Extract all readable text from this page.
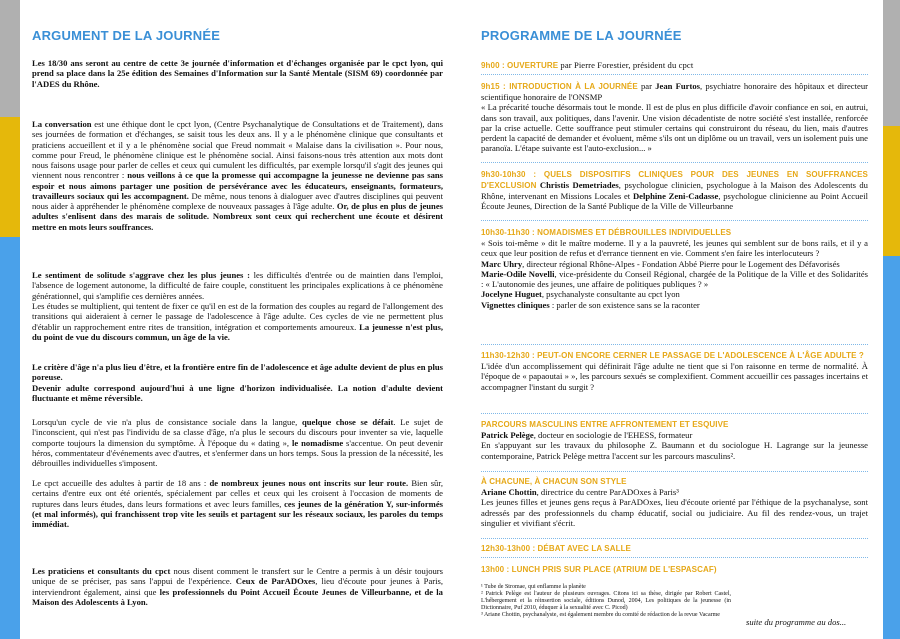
ARGUMENT DE LA JOURNÉE

Les 18/30 ans seront au centre de cette 3e journée d'information et d'échanges organisée par le cpct lyon, qui prend sa place dans la 25e édition des Semaines d'Information sur la Santé Mentale (SISM 69) coordonnée par l'ADES du Rhône.

La conversation est une éthique dont le cpct lyon, (Centre Psychanalytique de Consultations et de Traitement), dans ses journées de formation et d'échanges, se saisit tous les deux ans. Il y a le phénomène clinique que consultants et praticiens accueillent et il y a le phénomène social que Freud nommait « Malaise dans la civilisation ». Pour nous, comme pour Freud, le phénomène clinique est le phénomène social. Ainsi faisons-nous très attention aux mots dont nous faisons usage pour parler de celles et ceux qui cumulent les difficultés, par exemple lorsqu'il s'agit des jeunes qui viennent nous rencontrer : nous veillons à ce que la promesse qui accompagne la jeunesse ne devienne pas sans espoir et nous aimons partager une position de persévérance avec les éducateurs, enseignants, formateurs, travailleurs sociaux qui les accompagnent. De même, nous tenons à dialoguer avec d'autres disciplines qui peuvent nous aider à appréhender le phénomène complexe de nouveaux passages à l'âge adulte. Or, de plus en plus de jeunes adultes s'enlisent dans des marais de solitude. Nombreux sont ceux qui recherchent une écoute et désirent mettre en mots leurs souffrances.

Le sentiment de solitude s'aggrave chez les plus jeunes : les difficultés d'entrée ou de maintien dans l'emploi, l'absence de logement autonome, la difficulté de faire couple, constituent les principales explications à ce phénomène générationnel, qui s'amplifie ces dernières années.

Les études se multiplient, qui tentent de fixer ce qu'il en est de la formation des couples au regard de l'allongement des transitions qui aideraient à cerner le passage de l'adolescence à l'âge adulte. Ces cycles de vie ne permettent plus d'établir un rapprochement entre rites de transition, intégration et comportements amoureux. La jeunesse n'est plus, du point de vue du discours commun, un âge de la vie.

Le critère d'âge n'a plus lieu d'être, et la frontière entre fin de l'adolescence et âge adulte devient de plus en plus poreuse.

Devenir adulte correspond aujourd'hui à une ligne d'horizon individualisée. La notion d'adulte devient fluctuante et même réversible.

Lorsqu'un cycle de vie n'a plus de consistance sociale dans la langue, quelque chose se défait. Le sujet de l'inconscient, qui n'est pas l'individu de sa classe d'âge, n'a plus le secours du discours pour inventer sa vie, laquelle comporte toujours la dimension du symptôme. À l'époque du « dating », le nomadisme s'accentue. On peut devenir héros, commentateur d'événements avec d'autres, et s'enfermer dans un hors temps. Sous la pression de la nécessité, les débrouilles individuelles s'imposent.

Le cpct accueille des adultes à partir de 18 ans : de nombreux jeunes nous ont inscrits sur leur route. Bien sûr, certains d'entre eux ont été orientés, spécialement par celles et ceux qui les croisent à l'occasion de moments de ruptures dans leurs études, dans leurs formations et avec leurs familles, ces jeunes de la génération Y, sur-informés (et mal informés), qui franchissent trop vite les seuils et partagent sur les réseaux sociaux, les paroles du temps immédiat.

Les praticiens et consultants du cpct nous disent comment le transfert sur le Centre a permis à un désir toujours unique de se préciser, pas sans l'appui de l'expérience. Ceux de ParADOxes, lieu d'écoute pour jeunes à Paris, interviendront également, ainsi que les professionnels du Point Accueil Écoute Jeunes de Villeurbanne, et de la Maison des Adolescents à Lyon.

PROGRAMME DE LA JOURNÉE
9h00 : OUVERTURE par Pierre Forestier, président du cpct

9h15 : INTRODUCTION À LA JOURNÉE par Jean Furtos, psychiatre honoraire des hôpitaux et directeur scientifique honoraire de l'ONSMP

« La précarité touche désormais tout le monde. Il est de plus en plus difficile d'avoir confiance en soi, en autrui, dans son travail, aux politiques, dans l'avenir. Une vision décadentiste de notre société s'est installée, renforcée par la crise actuelle. Cette souffrance peut stimuler certains qui construiront du réseau, du lien, mais d'autres perdent la capacité de demander et évoluent, même s'ils ont un diplôme ou un travail, vers un isolement puis une paranoïa. L'étape suivante est l'auto-exclusion... »

9h30-10h30 : QUELS DISPOSITIFS CLINIQUES POUR DES JEUNES EN SOUFFRANCES D'EXCLUSION Christis Demetriades, psychologue clinicien, psychologue à la Maison des Adolescents du Rhône, intervenant en Missions Locales et Delphine Zeni-Cadasse, psychologue clinicienne au Point Accueil Écoute Jeunes, Direction de la Santé Publique de la Ville de Villeurbanne

10h30-11h30 : NOMADISMES ET DÉBROUILLES INDIVIDUELLES

« Sois toi-même » dit le maître moderne. Il y a la pauvreté, les jeunes qui semblent sur de bons rails, et il y a ceux que leur position de refus et d'errance tiennent en vie. Comment s'en faire les interlocuteurs ?

Marc Uhry, directeur régional Rhône-Alpes - Fondation Abbé Pierre pour le Logement des Défavorisés

Marie-Odile Novelli, vice-présidente du Conseil Régional, chargée de la Politique de la Ville et des Solidarités : « L'autonomie des jeunes, une affaire de politiques publiques ? »

Jocelyne Huguet, psychanalyste consultante au cpct lyon

Vignettes cliniques : parler de son existence sans se la raconter

11h30-12h30 : PEUT-ON ENCORE CERNER LE PASSAGE DE L'ADOLESCENCE À L'ÂGE ADULTE ?

L'idée d'un accomplissement qui définirait l'âge adulte ne tient que si l'on raisonne en terme de normalité. À l'époque de « papaoutai » », les parcours sexués se complexifient. Comment accueillir ces passages incertains et accompagner l'instant du surgit ?

PARCOURS MASCULINS ENTRE AFFRONTEMENT ET ESQUIVE

Patrick Pelège, docteur en sociologie de l'EHESS, formateur

En s'appuyant sur les travaux du philosophe Z. Baumann et du sociologue H. Lagrange sur la jeunesse contemporaine, Patrick Pelège mettra l'accent sur les parcours masculins².

À CHACUNE, À CHACUN SON STYLE

Ariane Chottin, directrice du centre ParADOxes à Paris³

Les jeunes filles et jeunes gens reçus à ParADOxes, lieu d'écoute orienté par l'éthique de la psychanalyse, sont adressés par des professionnels du champ éducatif, social ou judiciaire. Au fil des rendez-vous, un trajet singulier et vivifiant s'écrit.

12h30-13h00 : DÉBAT AVEC LA SALLE
13h00 : LUNCH PRIS SUR PLACE (ATRIUM DE L'ESPASCAF)

¹ Tube de Stromae, qui enflamme la planète

² Patrick Pelège est l'auteur de plusieurs ouvrages. Citons ici sa thèse, dirigée par Robert Castel, L'hébergement et la réinsertion sociale, éditions Dunod, 2004, Les politiques de la jeunesse (in Dictionnaire, Puf 2010, éduquer à la sexualité avec C. Picod)

³ Ariane Chottin, psychanalyste, est également membre du comité de rédaction de la revue Vacarme

suite du programme au dos...
